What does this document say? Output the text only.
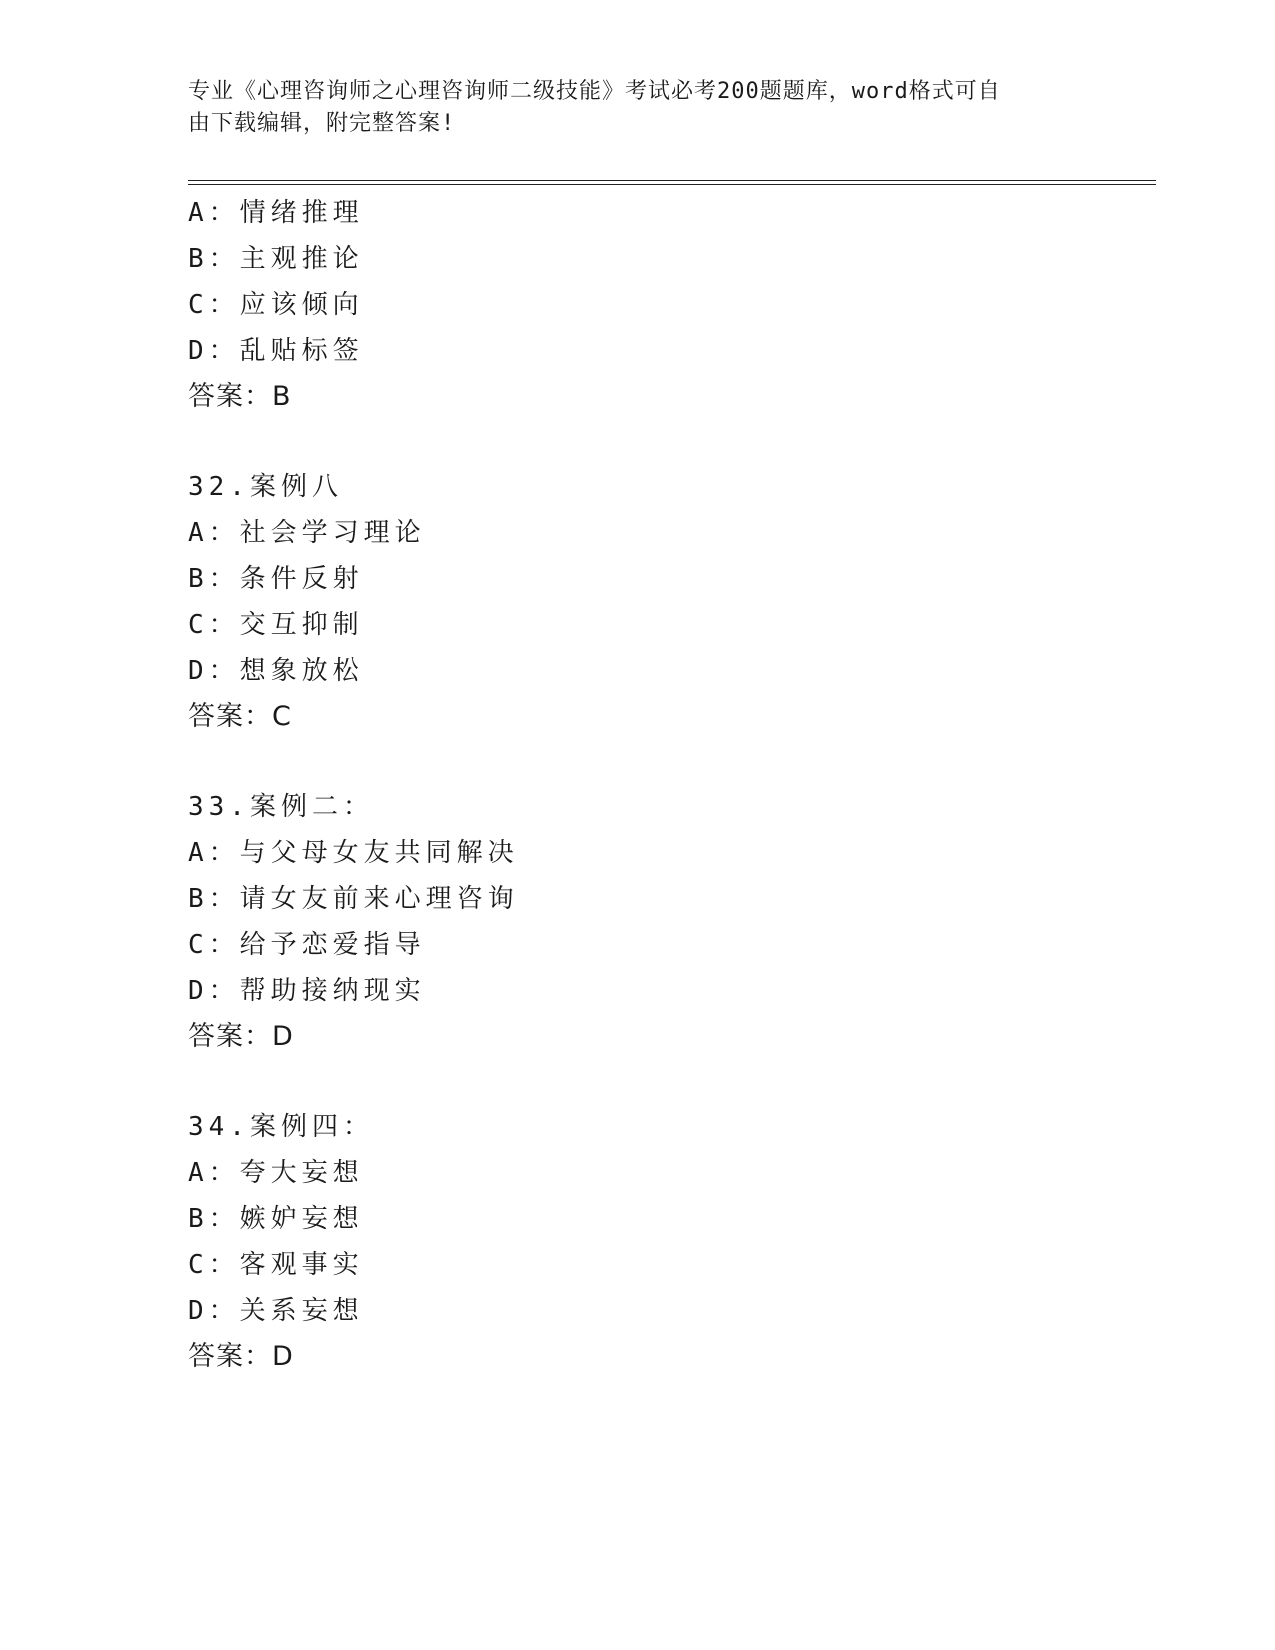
专业《心理咨询师之心理咨询师二级技能》考试必考200题题库，word格式可自
由下载编辑，附完整答案!
A：情绪推理
B：主观推论
C：应该倾向
D：乱贴标签
答案：B
32.案例八
A：社会学习理论
B：条件反射
C：交互抑制
D：想象放松
答案：C
33.案例二：
A：与父母女友共同解决
B：请女友前来心理咨询
C：给予恋爱指导
D：帮助接纳现实
答案：D
34.案例四：
A：夸大妄想
B：嫉妒妄想
C：客观事实
D：关系妄想
答案：D
